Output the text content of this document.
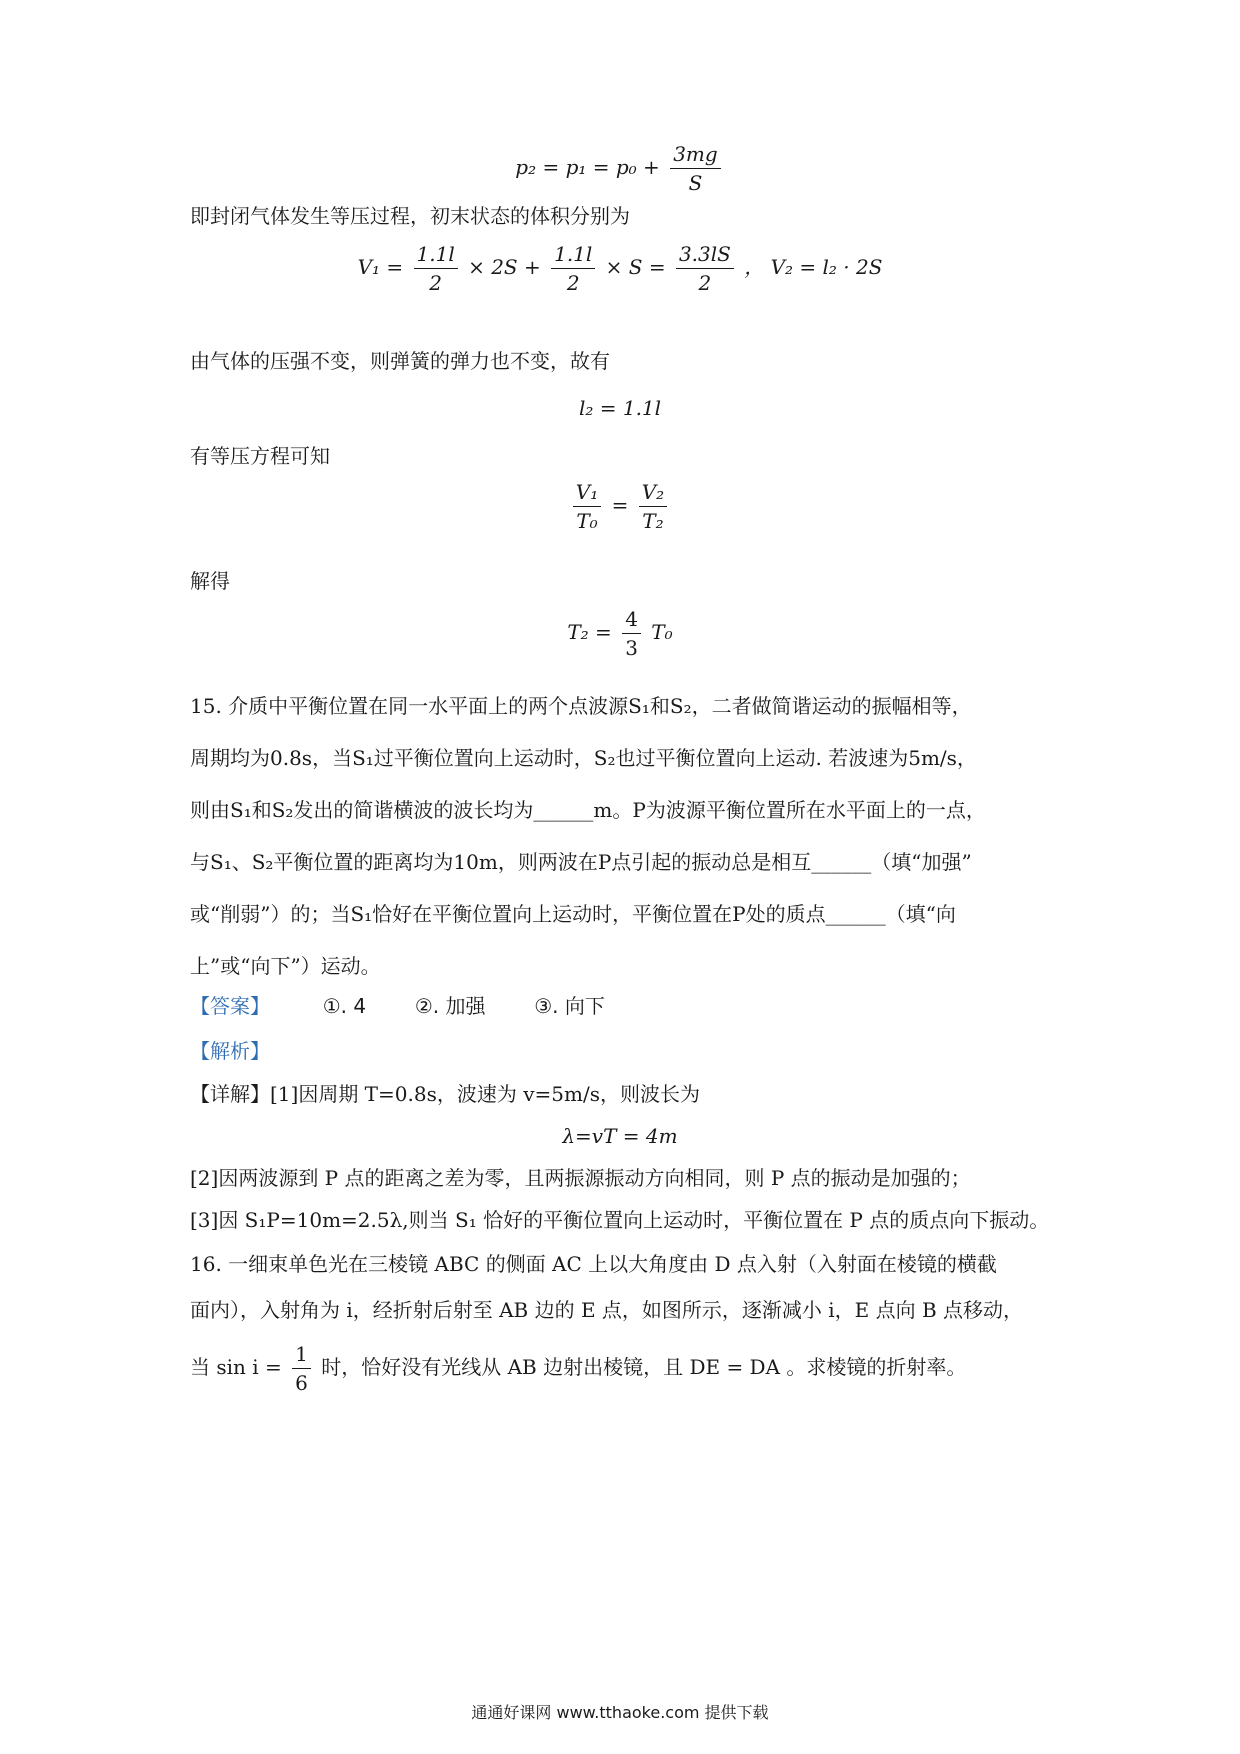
$p_2 = p_1 = p_0 + \frac{3mg}{S}$
即封闭气体发生等压过程，初末状态的体积分别为
$V_1 = \frac{1.1l}{2} \times 2S + \frac{1.1l}{2} \times S = \frac{3.3lS}{2}$ ， V₂ = l₂ · 2S
由气体的压强不变，则弹簧的弹力也不变，故有
l₂ = 1.1l
有等压方程可知
$\frac{\text{V₁}}{\text{T₀}} = \frac{\text{V₂}}{\text{T₂}}$
解得
$T_2 = \frac{4}{3} T_0$
15. 介质中平衡位置在同一水平面上的两个点波源S₁和S₂，二者做简谐运动的振幅相等，
周期均为0.8s，当S₁过平衡位置向上运动时，S₂也过平衡位置向上运动. 若波速为5m/s，
则由S₁和S₂发出的简谐横波的波长均为______m。P为波源平衡位置所在水平面上的一点，
与S₁、S₂平衡位置的距离均为10m，则两波在P点引起的振动总是相互______（填“加强”
或“削弱”）的；当S₁恰好在平衡位置向上运动时，平衡位置在P处的质点______（填“向
上”或“向下”）运动。
【答案】	①. 4 ②. 加强 ③. 向下
【解析】
【详解】[1]因周期 T=0.8s，波速为 v=5m/s，则波长为
λ=vT = 4m
[2]因两波源到 P 点的距离之差为零，且两振源振动方向相同，则 P 点的振动是加强的；
[3]因 S₁P=10m=2.5λ,则当 S₁ 恰好的平衡位置向上运动时，平衡位置在 P 点的质点向下振动。
16. 一细束单色光在三棱镜 ABC 的侧面 AC 上以大角度由 D 点入射（入射面在棱镜的横截
面内），入射角为 i，经折射后射至 AB 边的 E 点，如图所示，逐渐减小 i，E 点向 B 点移动，
当 $\sin i = \frac{1}{6}$ 时，恰好没有光线从 AB 边射出棱镜，且 DE = DA 。求棱镜的折射率。
通通好课网 www.tthaoke.com 提供下载
